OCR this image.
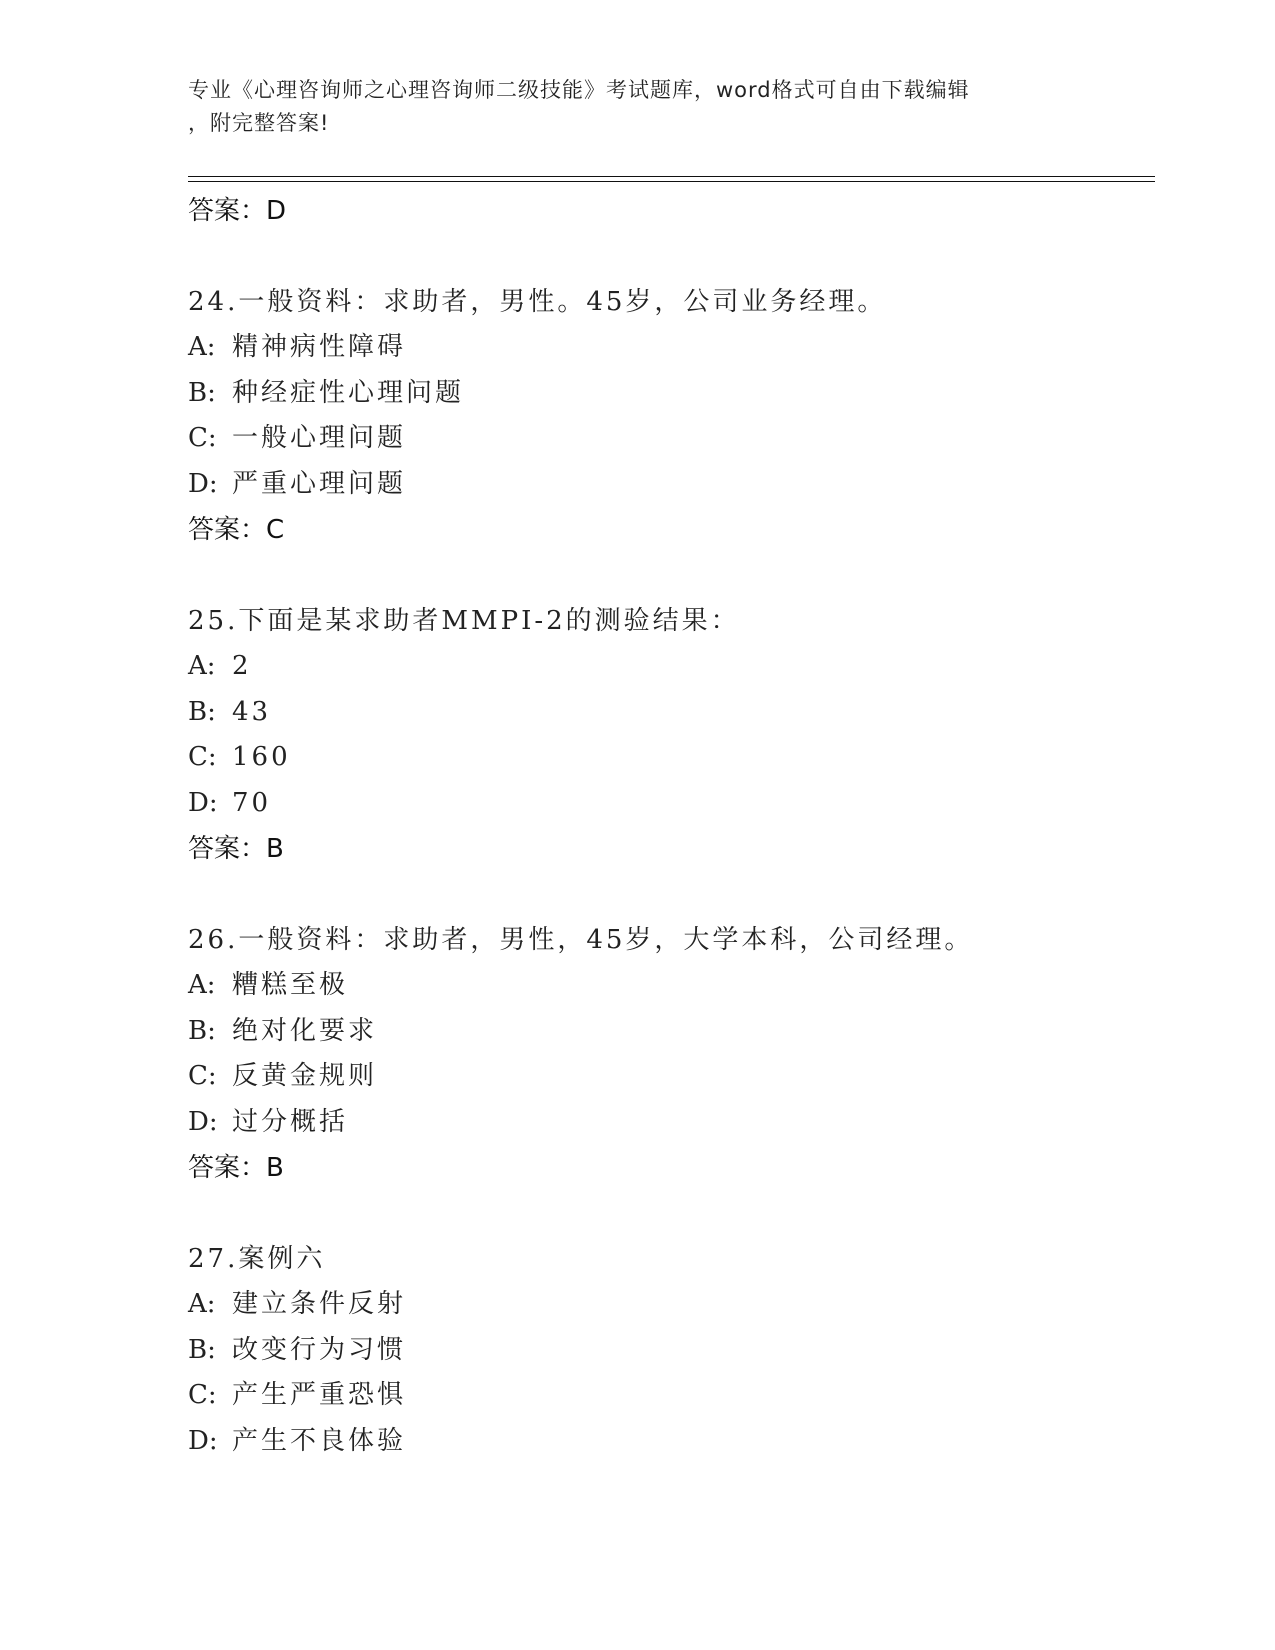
专业《心理咨询师之心理咨询师二级技能》考试题库，word格式可自由下载编辑
，附完整答案!
答案：D
24.一般资料：求助者，男性。45岁，公司业务经理。
A: 精神病性障碍
B: 种经症性心理问题
C: 一般心理问题
D: 严重心理问题
答案：C
25.下面是某求助者MMPI-2的测验结果：
A: 2
B: 43
C: 160
D: 70
答案：B
26.一般资料：求助者，男性，45岁，大学本科，公司经理。
A: 糟糕至极
B: 绝对化要求
C: 反黄金规则
D: 过分概括
答案：B
27.案例六
A: 建立条件反射
B: 改变行为习惯
C: 产生严重恐惧
D: 产生不良体验
